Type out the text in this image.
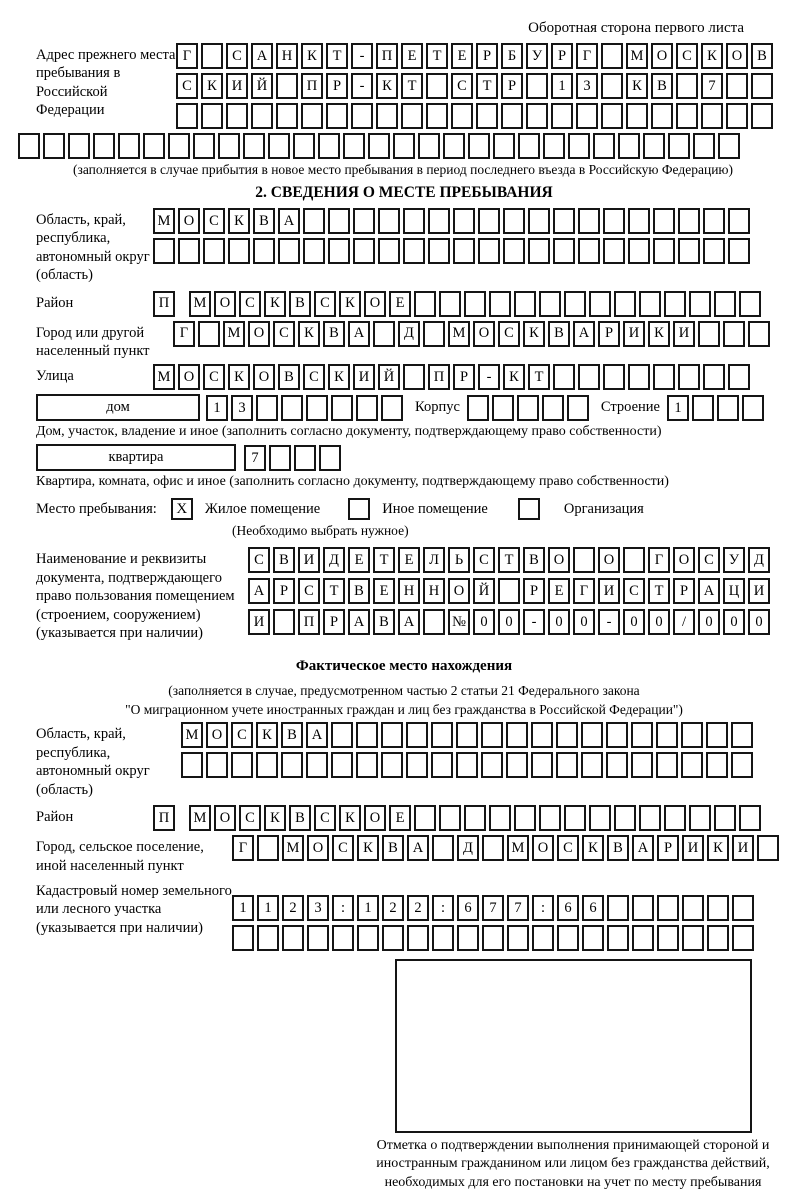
Оборотная сторона первого листа
Адрес прежнего места пребывания в Российской Федерации
Г	С	А	Н	К	Т	-	П	Е	Т	Е	Р	Б	У	Р	Г	М О	С	К	О	В
С	К	И	Й	П	Р	-	К	Т	С	Т	Р	1	3	К	В	7
(заполняется в случае прибытия в новое место пребывания в период последнего въезда в Российскую Федерацию)
2. СВЕДЕНИЯ О МЕСТЕ ПРЕБЫВАНИЯ
Область, край, республика, автономный округ (область)
М О	С	К	В	А
Район	П	М О	С	К	В	С	К	О	Е
Город или другой населенный пункт
Г	М О	С	К	В	А	Д	М О	С	К	В	А	Р	И	К	И
Улица	М О	С	К	О	В	С	К	И	Й	П	Р	-	К	Т
дом	1	3	Корпус	Строение 1
Дом, участок, владение и иное (заполнить согласно документу, подтверждающему право собственности)
квартира	7
Квартира, комната, офис и иное (заполнить согласно документу, подтверждающему право собственности)
Место пребывания:	X	Жилое помещение	Иное помещение	Организация
(Необходимо выбрать нужное)
Наименование и реквизиты документа, подтверждающего право пользования помещением (строением, сооружением) (указывается при наличии)
С	В	И	Д	Е	Т	Е	Л	Ь	С	Т	В	О	О	Г	О	С	У	Д
А	Р	С	Т	В	Е	Н	Н	О	Й	Р	Е	Г	И	С	Т	Р	А	Ц	И
И	П	Р	А	В	А	№ 0	0	-	0	0	-	0	0	/	0	0	0
Фактическое место нахождения
(заполняется в случае, предусмотренном частью 2 статьи 21 Федерального закона
"О миграционном учете иностранных граждан и лиц без гражданства в Российской Федерации")
Область, край, республика, автономный округ (область)
М О	С	К	В	А
Район	П	М О	С	К	В	С	К	О	Е
Город, сельское поселение, иной населенный пункт
Г	М О	С	К	В	А	Д	М О	С	К	В	А	Р	И	К	И
Кадастровый номер земельного или лесного участка (указывается при наличии)
1	1	2	3	:	1	2	2	:	6	7	7	:	6	6
Отметка о подтверждении выполнения принимающей стороной и иностранным гражданином или лицом без гражданства действий, необходимых для его постановки на учет по месту пребывания
